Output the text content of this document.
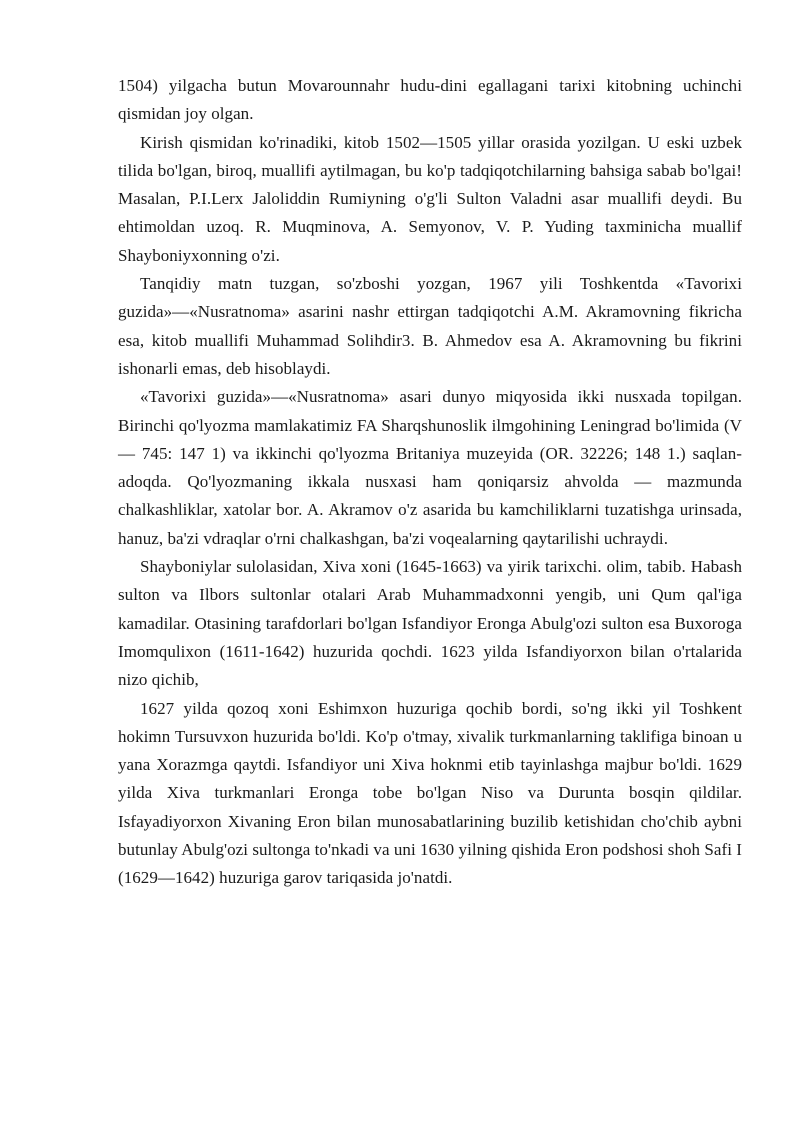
1504) yilgacha butun Movarounnahr hudu-dini egallagani tarixi kitobning uchinchi qismidan joy olgan.

Kirish qismidan ko'rinadiki, kitob 1502—1505 yillar orasida yozilgan. U eski uzbek tilida bo'lgan, biroq, muallifi aytilmagan, bu ko'p tadqiqotchilarning bahsiga sabab bo'lgai! Masalan, P.I.Lerx Jaloliddin Rumiyning o'g'li Sulton Valadni asar muallifi deydi. Bu ehtimoldan uzoq. R. Muqminova, A. Semyonov, V. P. Yuding taxminicha muallif Shayboniyxonning o'zi.

Tanqidiy matn tuzgan, so'zboshi yozgan, 1967 yili Toshkentda «Tavorixi guzida»—«Nusratnoma» asarini nashr ettirgan tadqiqotchi A.M. Akramovning fikricha esa, kitob muallifi Muhammad Solihdir3. B. Ahmedov esa A. Akramovning bu fikrini ishonarli emas, deb hisoblaydi.

«Tavorixi guzida»—«Nusratnoma» asari dunyo miqyosida ikki nusxada topilgan. Birinchi qo'lyozma mamlakatimiz FA Sharqshunoslik ilmgohining Leningrad bo'limida (V — 745: 147 1) va ikkinchi qo'lyozma Britaniya muzeyida (OR. 32226; 148 1.) saqlan-adoqda. Qo'lyozmaning ikkala nusxasi ham qoniqarsiz ahvolda — mazmunda chalkashliklar, xatolar bor. A. Akramov o'z asarida bu kamchiliklarni tuzatishga urinsada, hanuz, ba'zi vdraqlar o'rni chalkashgan, ba'zi voqealarning qaytarilishi uchraydi.

Shayboniylar sulolasidan, Xiva xoni (1645-1663) va yirik tarixchi. olim, tabib. Habash sulton va Ilbors sultonlar otalari Arab Muhammadxonni yengib, uni Qum qal'iga kamadilar. Otasining tarafdorlari bo'lgan Isfandiyor Eronga Abulg'ozi sulton esa Buxoroga Imomqulixon (1611-1642) huzurida qochdi. 1623 yilda Isfandiyorxon bilan o'rtalarida nizo qichib,

1627 yilda qozoq xoni Eshimxon huzuriga qochib bordi, so'ng ikki yil Toshkent hokimn Tursuvxon huzurida bo'ldi. Ko'p o'tmay, xivalik turkmanlarning taklifiga binoan u yana Xorazmga qaytdi. Isfandiyor uni Xiva hoknmi etib tayinlashga majbur bo'ldi. 1629 yilda Xiva turkmanlari Eronga tobe bo'lgan Niso va Durunta bosqin qildilar. Isfayadiyorxon Xivaning Eron bilan munosabatlarining buzilib ketishidan cho'chib aybni butunlay Abulg'ozi sultonga to'nkadi va uni 1630 yilning qishida Eron podshosi shoh Safi I (1629—1642) huzuriga garov tariqasida jo'natdi.
